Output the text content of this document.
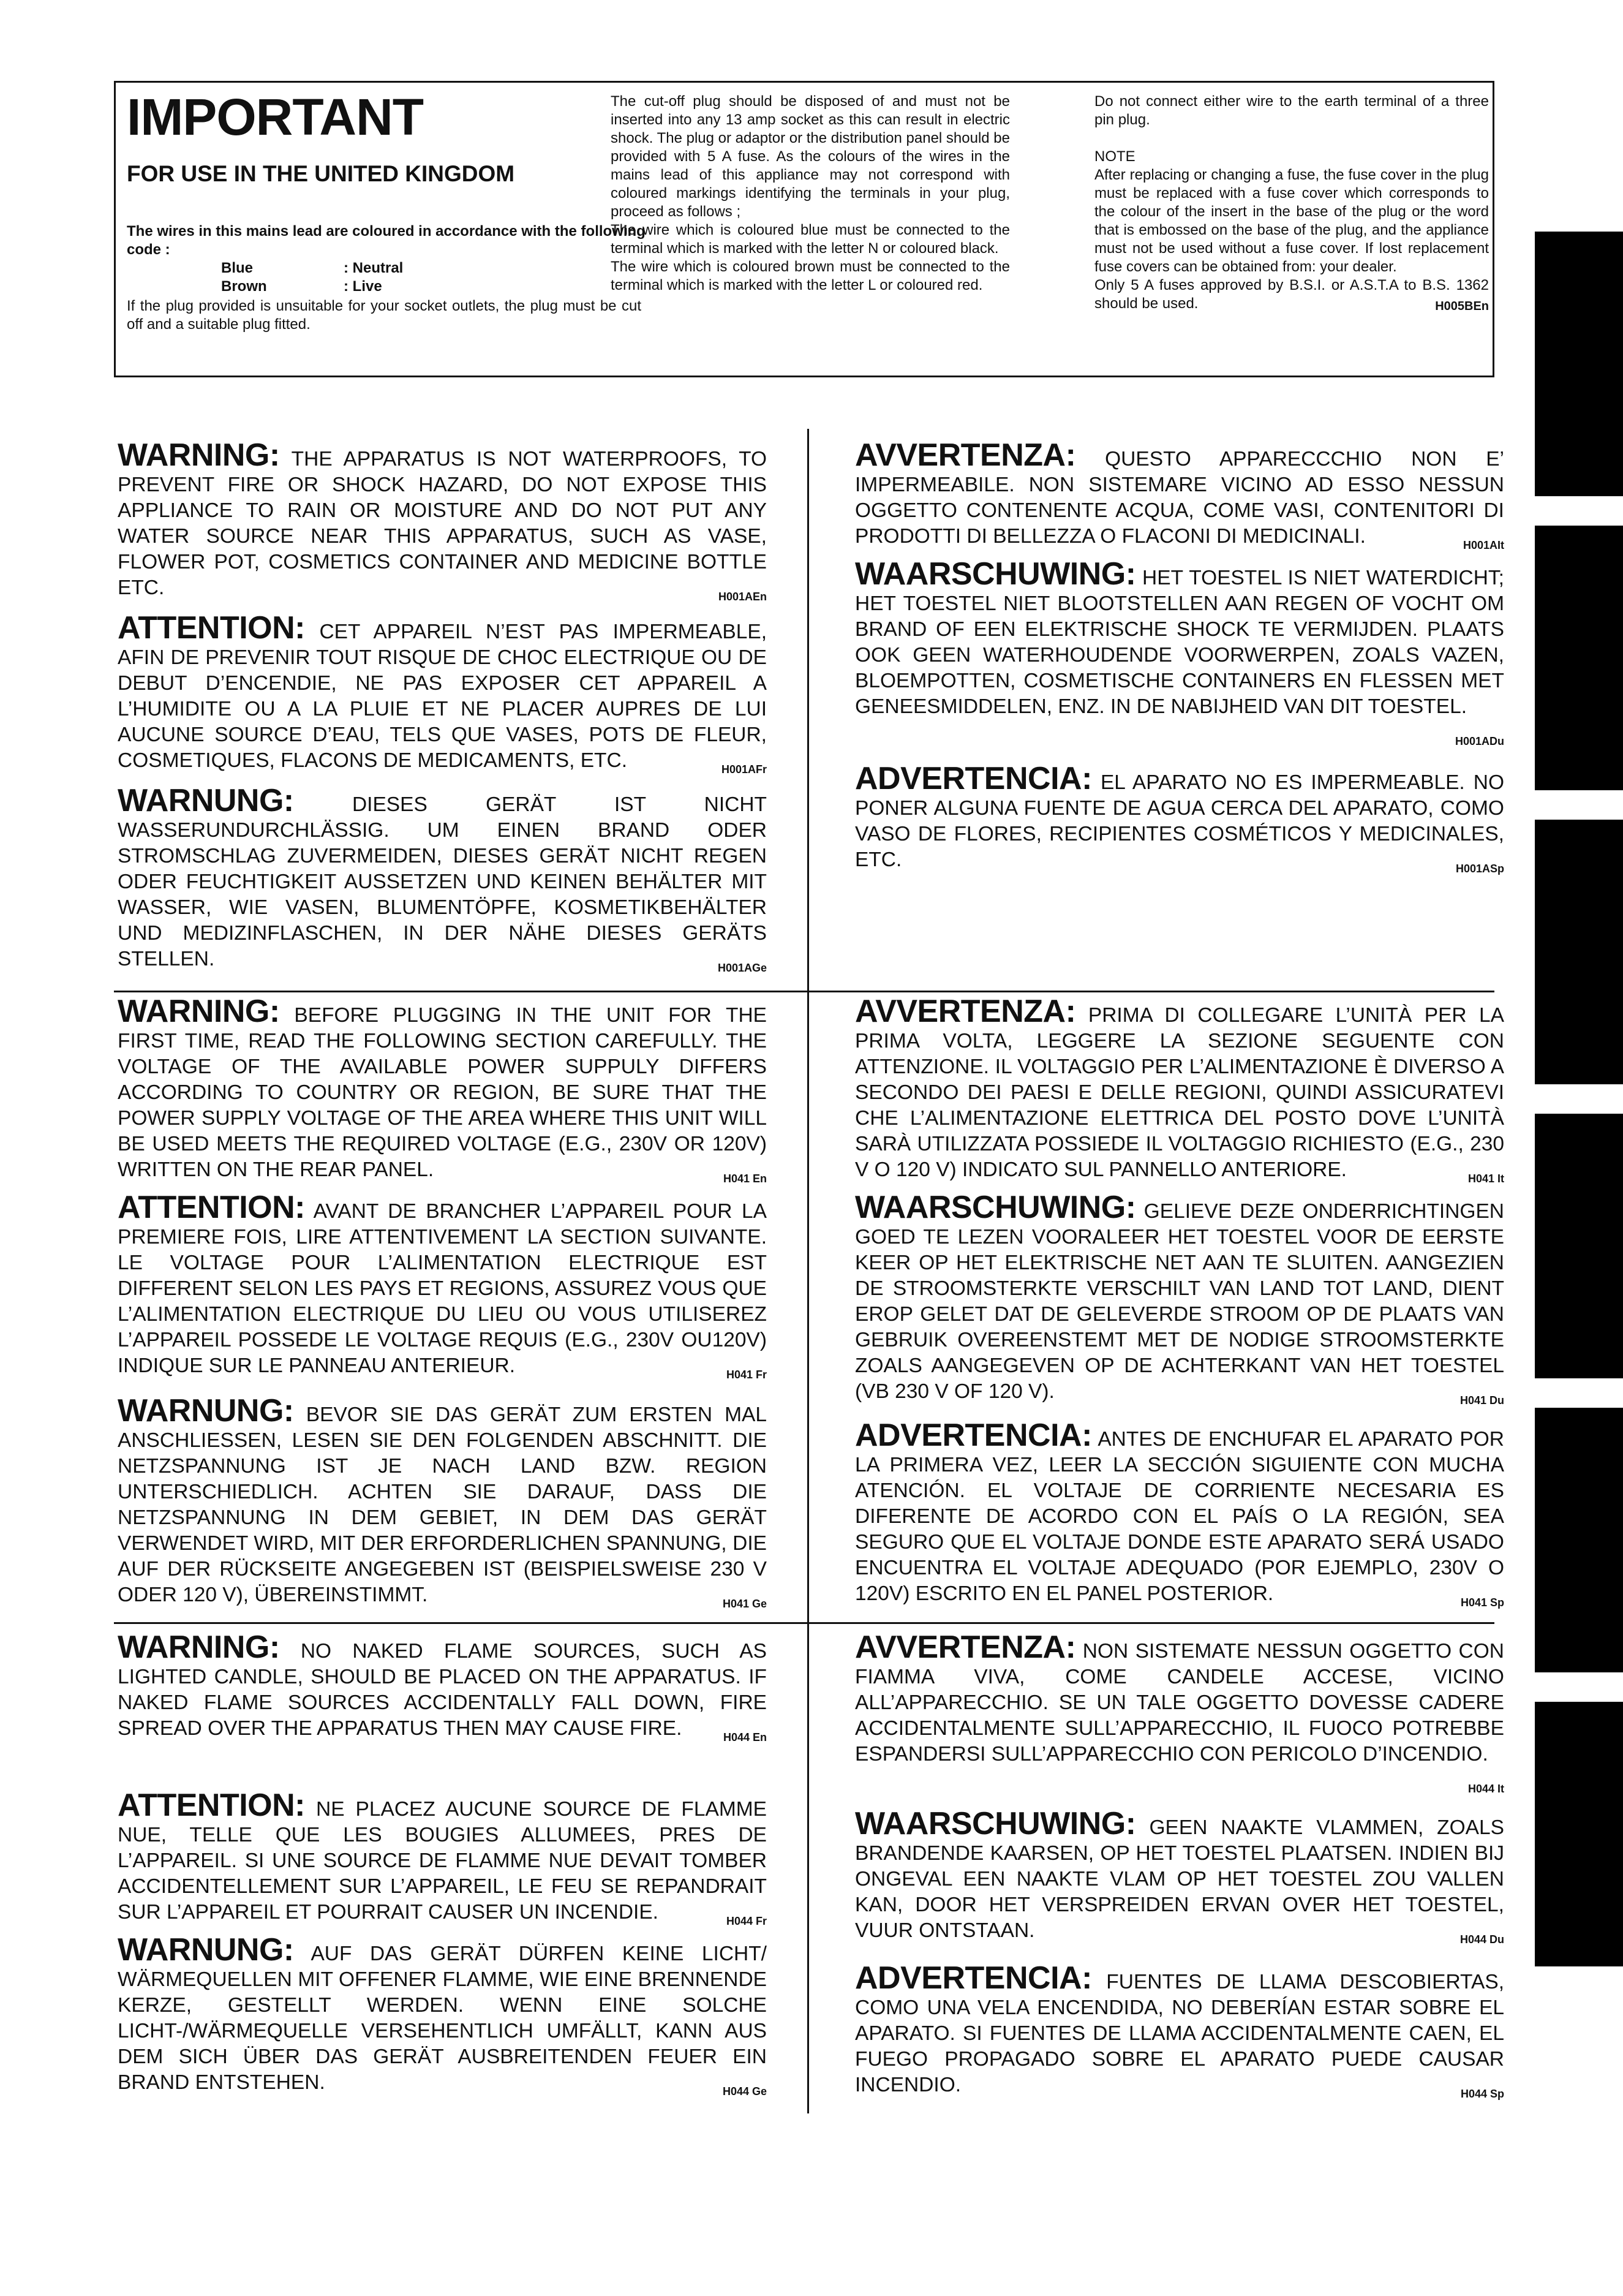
IMPORTANT
FOR USE IN THE UNITED KINGDOM
The wires in this mains lead are coloured in accordance with the following code :
Blue	: Neutral
Brown	: Live
If the plug provided is unsuitable for your socket outlets, the plug must be cut off and a suitable plug fitted.
The cut-off plug should be disposed of and must not be inserted into any 13 amp socket as this can result in electric shock. The plug or adaptor or the distribution panel should be provided with 5 A fuse. As the colours of the wires in the mains lead of this appliance may not correspond with coloured markings identifying the terminals in your plug, proceed as follows ;
The wire which is coloured blue must be connected to the terminal which is marked with the letter N or coloured black.
The wire which is coloured brown must be connected to the terminal which is marked with the letter L or coloured red.
Do not connect either wire to the earth terminal of a three pin plug.
NOTE
After replacing or changing a fuse, the fuse cover in the plug must be replaced with a fuse cover which corresponds to the colour of the insert in the base of the plug or the word that is embossed on the base of the plug, and the appliance must not be used without a fuse cover. If lost replacement fuse covers can be obtained from: your dealer.
Only 5 A fuses approved by B.S.I. or A.S.T.A to B.S. 1362 should be used.	H005BEn
WARNING: THE APPARATUS IS NOT WATERPROOFS, TO PREVENT FIRE OR SHOCK HAZARD, DO NOT EXPOSE THIS APPLIANCE TO RAIN OR MOISTURE AND DO NOT PUT ANY WATER SOURCE NEAR THIS APPARATUS, SUCH AS VASE, FLOWER POT, COSMETICS CONTAINER AND MEDICINE BOTTLE ETC.	H001AEn
ATTENTION: CET APPAREIL N’EST PAS IMPERMEABLE, AFIN DE PREVENIR TOUT RISQUE DE CHOC ELECTRIQUE OU DE DEBUT D’ENCENDIE, NE PAS EXPOSER CET APPAREIL A L’HUMIDITE OU A LA PLUIE ET NE PLACER AUPRES DE LUI AUCUNE SOURCE D’EAU, TELS QUE VASES, POTS DE FLEUR, COSMETIQUES, FLACONS DE MEDICAMENTS, ETC.	H001AFr
WARNUNG:	DIESES GERÄT IST NICHT WASSERUNDURCHLÄSSIG. UM EINEN BRAND ODER STROMSCHLAG ZUVERMEIDEN, DIESES GERÄT NICHT REGEN ODER FEUCHTIGKEIT AUSSETZEN UND KEINEN BEHÄLTER MIT WASSER, WIE VASEN, BLUMENTÖPFE, KOSMETIKBEHÄLTER UND MEDIZINFLASCHEN, IN DER NÄHE DIESES GERÄTS STELLEN.	H001AGe
AVVERTENZA: QUESTO APPARECCCHIO NON E’ IMPERMEABILE. NON SISTEMARE VICINO AD ESSO NESSUN OGGETTO CONTENENTE ACQUA, COME VASI, CONTENITORI DI PRODOTTI DI BELLEZZA O FLACONI DI MEDICINALI.	H001AIt
WAARSCHUWING: HET TOESTEL IS NIET WATERDICHT; HET TOESTEL NIET BLOOTSTELLEN AAN REGEN OF VOCHT OM BRAND OF EEN ELEKTRISCHE SHOCK TE VERMIJDEN. PLAATS OOK GEEN WATERHOUDENDE VOORWERPEN, ZOALS VAZEN, BLOEMPOTTEN, COSMETISCHE CONTAINERS EN FLESSEN MET GENEESMIDDELEN, ENZ. IN DE NABIJHEID VAN DIT TOESTEL.
H001ADu
ADVERTENCIA: EL APARATO NO ES IMPERMEABLE. NO PONER ALGUNA FUENTE DE AGUA CERCA DEL APARATO, COMO VASO DE FLORES, RECIPIENTES COSMÉTICOS Y MEDICINALES, ETC.	H001ASp
WARNING: BEFORE PLUGGING IN THE UNIT FOR THE FIRST TIME, READ THE FOLLOWING SECTION CAREFULLY. THE VOLTAGE OF THE AVAILABLE POWER SUPPULY DIFFERS ACCORDING TO COUNTRY OR REGION, BE SURE THAT THE POWER SUPPLY VOLTAGE OF THE AREA WHERE THIS UNIT WILL BE USED MEETS THE REQUIRED VOLTAGE (E.G., 230V OR 120V) WRITTEN ON THE REAR PANEL.	H041 En
ATTENTION: AVANT DE BRANCHER L’APPAREIL POUR LA PREMIERE FOIS, LIRE ATTENTIVEMENT LA SECTION SUIVANTE. LE VOLTAGE POUR L’ALIMENTATION ELECTRIQUE EST DIFFERENT SELON LES PAYS ET REGIONS, ASSUREZ VOUS QUE L’ALIMENTATION ELECTRIQUE DU LIEU OU VOUS UTILISEREZ L’APPAREIL POSSEDE LE VOLTAGE REQUIS (E.G., 230V OU120V) INDIQUE SUR LE PANNEAU ANTERIEUR.	H041 Fr
WARNUNG: BEVOR SIE DAS GERÄT ZUM ERSTEN MAL ANSCHLIESSEN, LESEN SIE DEN FOLGENDEN ABSCHNITT. DIE NETZSPANNUNG IST JE NACH LAND BZW. REGION UNTERSCHIEDLICH. ACHTEN SIE DARAUF, DASS DIE NETZSPANNUNG IN DEM GEBIET, IN DEM DAS GERÄT VERWENDET WIRD, MIT DER ERFORDERLICHEN SPANNUNG, DIE AUF DER RÜCKSEITE ANGEGEBEN IST (BEISPIELSWEISE 230 V ODER 120 V), ÜBEREINSTIMMT.	H041 Ge
AVVERTENZA: PRIMA DI COLLEGARE L’UNITÀ PER LA PRIMA VOLTA, LEGGERE LA SEZIONE SEGUENTE CON ATTENZIONE. IL VOLTAGGIO PER L’ALIMENTAZIONE È DIVERSO A SECONDO DEI PAESI E DELLE REGIONI, QUINDI ASSICURATEVI CHE L’ALIMENTAZIONE ELETTRICA DEL POSTO DOVE L’UNITÀ SARÀ UTILIZZATA POSSIEDE IL VOLTAGGIO RICHIESTO (E.G., 230 V O 120 V) INDICATO SUL PANNELLO ANTERIORE.	H041 It
WAARSCHUWING: GELIEVE DEZE ONDERRICHTINGEN GOED TE LEZEN VOORALEER HET TOESTEL VOOR DE EERSTE KEER OP HET ELEKTRISCHE NET AAN TE SLUITEN. AANGEZIEN DE STROOMSTERKTE VERSCHILT VAN LAND TOT LAND, DIENT EROP GELET DAT DE GELEVERDE STROOM OP DE PLAATS VAN GEBRUIK OVEREENSTEMT MET DE NODIGE STROOMSTERKTE ZOALS AANGEGEVEN OP DE ACHTERKANT VAN HET TOESTEL (VB 230 V OF 120 V).	H041 Du
ADVERTENCIA: ANTES DE ENCHUFAR EL APARATO POR LA PRIMERA VEZ, LEER LA SECCIÓN SIGUIENTE CON MUCHA ATENCIÓN. EL VOLTAJE DE CORRIENTE NECESARIA ES DIFERENTE DE ACORDO CON EL PAÍS O LA REGIÓN, SEA SEGURO QUE EL VOLTAJE DONDE ESTE APARATO SERÁ USADO ENCUENTRA EL VOLTAJE ADEQUADO (POR EJEMPLO, 230V O 120V) ESCRITO EN EL PANEL POSTERIOR.	H041 Sp
WARNING: NO NAKED FLAME SOURCES, SUCH AS LIGHTED CANDLE, SHOULD BE PLACED ON THE APPARATUS. IF NAKED FLAME SOURCES ACCIDENTALLY FALL DOWN, FIRE SPREAD OVER THE APPARATUS THEN MAY CAUSE FIRE.	H044 En
ATTENTION: NE PLACEZ AUCUNE SOURCE DE FLAMME NUE, TELLE QUE LES BOUGIES ALLUMEES, PRES DE L’APPAREIL. SI UNE SOURCE DE FLAMME NUE DEVAIT TOMBER ACCIDENTELLEMENT SUR L’APPAREIL, LE FEU SE REPANDRAIT SUR L’APPAREIL ET POURRAIT CAUSER UN INCENDIE.	H044 Fr
WARNUNG: AUF DAS GERÄT DÜRFEN KEINE LICHT/ WÄRMEQUELLEN MIT OFFENER FLAMME, WIE EINE BRENNENDE KERZE, GESTELLT WERDEN. WENN EINE SOLCHE LICHT-/WÄRMEQUELLE VERSEHENTLICH UMFÄLLT, KANN AUS DEM SICH ÜBER DAS GERÄT AUSBREITENDEN FEUER EIN BRAND ENTSTEHEN.	H044 Ge
AVVERTENZA: NON SISTEMATE NESSUN OGGETTO CON FIAMMA VIVA, COME CANDELE ACCESE, VICINO ALL’APPARECCHIO. SE UN TALE OGGETTO DOVESSE CADERE ACCIDENTALMENTE SULL’APPARECCHIO, IL FUOCO POTREBBE ESPANDERSI SULL’APPARECCHIO CON PERICOLO D’INCENDIO.
H044 It
WAARSCHUWING: GEEN NAAKTE VLAMMEN, ZOALS BRANDENDE KAARSEN, OP HET TOESTEL PLAATSEN. INDIEN BIJ ONGEVAL EEN NAAKTE VLAM OP HET TOESTEL ZOU VALLEN KAN, DOOR HET VERSPREIDEN ERVAN OVER HET TOESTEL, VUUR ONTSTAAN.	H044 Du
ADVERTENCIA: FUENTES DE LLAMA DESCOBIERTAS, COMO UNA VELA ENCENDIDA, NO DEBERÍAN ESTAR SOBRE EL APARATO. SI FUENTES DE LLAMA ACCIDENTALMENTE CAEN, EL FUEGO PROPAGADO SOBRE EL APARATO PUEDE CAUSAR INCENDIO.	H044 Sp
